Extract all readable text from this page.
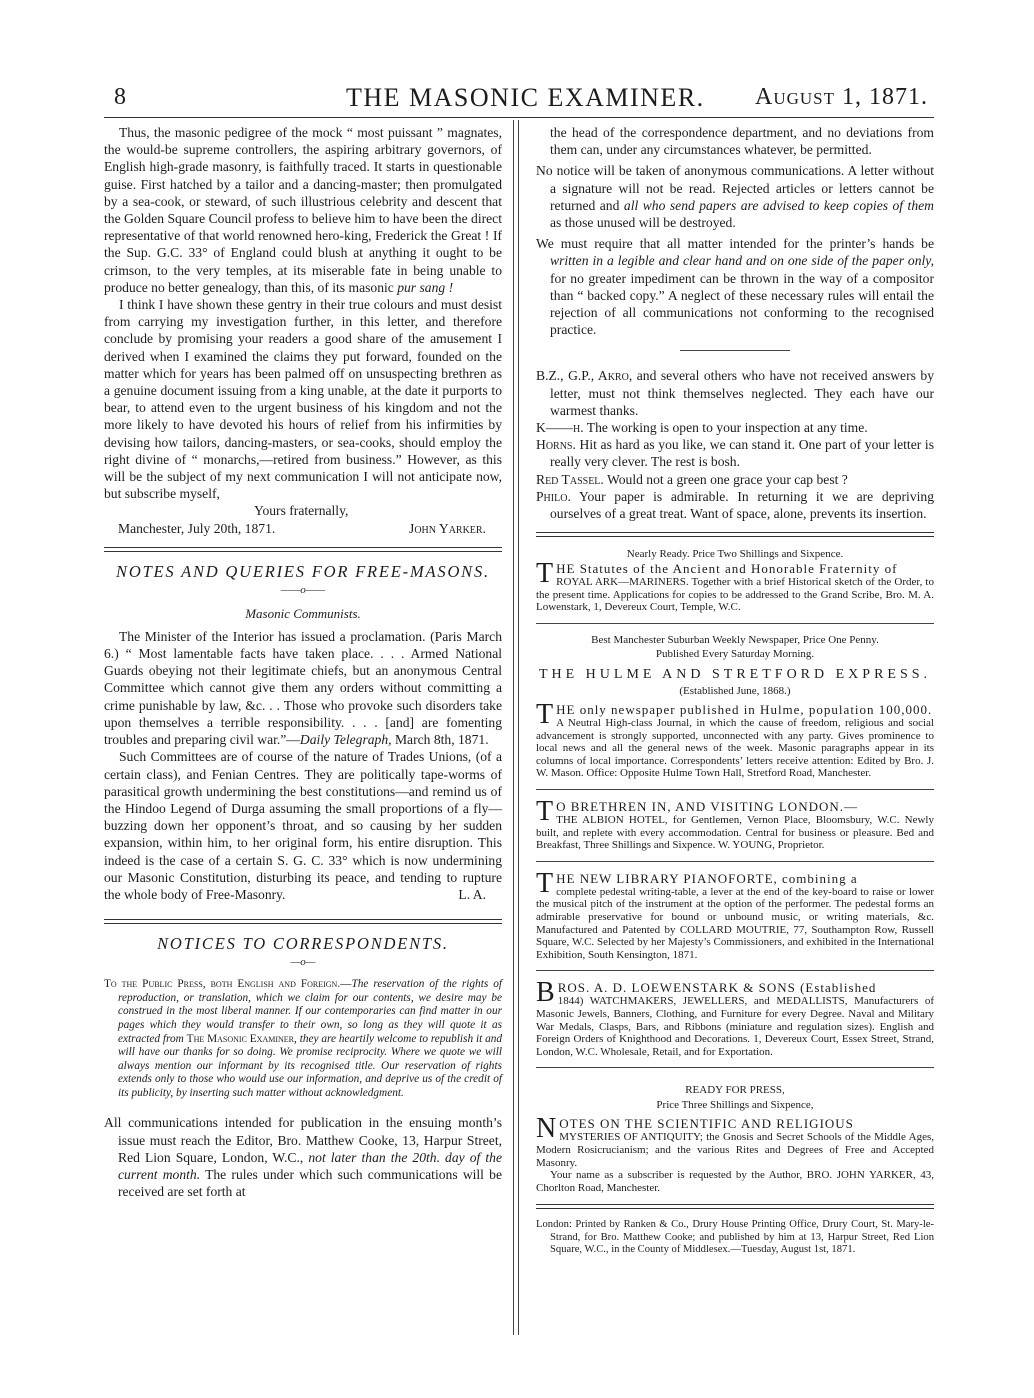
8	THE MASONIC EXAMINER. August 1, 1871.

Thus, the masonic pedigree of the mock “ most puissant ” magnates, the would-be supreme controllers, the aspiring arbitrary governors, of English high-grade masonry, is faithfully traced. It starts in questionable guise. First hatched by a tailor and a dancing-master; then promulgated by a sea-cook, or steward, of such illustrious celebrity and descent that the Golden Square Council profess to believe him to have been the direct representative of that world renowned hero-king, Frederick the Great ! If the Sup. G.C. 33° of England could blush at anything it ought to be crimson, to the very temples, at its miserable fate in being unable to produce no better genealogy, than this, of its masonic pur sang !

I think I have shown these gentry in their true colours and must desist from carrying my investigation further, in this letter, and therefore conclude by promising your readers a good share of the amusement I derived when I examined the claims they put forward, founded on the matter which for years has been palmed off on unsuspecting brethren as a genuine document issuing from a king unable, at the date it purports to bear, to attend even to the urgent business of his kingdom and not the more likely to have devoted his hours of relief from his infirmities by devising how tailors, dancing-masters, or sea-cooks, should employ the right divine of “ monarchs,—retired from business.” However, as this will be the subject of my next communication I will not anticipate now, but subscribe myself,

Yours fraternally,

Manchester, July 20th, 1871.	John Yarker.

NOTES AND QUERIES FOR FREE-MASONS.
——o——
Masonic Communists.

The Minister of the Interior has issued a proclamation. (Paris March 6.) “ Most lamentable facts have taken place. . . . Armed National Guards obeying not their legitimate chiefs, but an anonymous Central Committee which cannot give them any orders without committing a crime punishable by law, &c. . . Those who provoke such disorders take upon themselves a terrible responsibility. . . . [and] are fomenting troubles and preparing civil war.”—Daily Telegraph, March 8th, 1871.

Such Committees are of course of the nature of Trades Unions, (of a certain class), and Fenian Centres. They are politically tape-worms of parasitical growth undermining the best constitutions—and remind us of the Hindoo Legend of Durga assuming the small proportions of a fly—buzzing down her opponent’s throat, and so causing by her sudden expansion, within him, to her original form, his entire disruption. This indeed is the case of a certain S. G. C. 33° which is now undermining our Masonic Constitution, disturbing its peace, and tending to rupture the whole body of Free-Masonry.	L. A.

NOTICES TO CORRESPONDENTS.
—o—

To the Public Press, both English and Foreign.—The reservation of the rights of reproduction, or translation, which we claim for our contents, we desire may be construed in the most liberal manner. If our contemporaries can find matter in our pages which they would transfer to their own, so long as they will quote it as extracted from The Masonic Examiner, they are heartily welcome to republish it and will have our thanks for so doing. We promise reciprocity. Where we quote we will always mention our informant by its recognised title. Our reservation of rights extends only to those who would use our information, and deprive us of the credit of its publicity, by inserting such matter without acknowledgment.

All communications intended for publication in the ensuing month’s issue must reach the Editor, Bro. Matthew Cooke, 13, Harpur Street, Red Lion Square, London, W.C., not later than the 20th. day of the current month. The rules under which such communications will be received are set forth at

the head of the correspondence department, and no deviations from them can, under any circumstances whatever, be permitted.

No notice will be taken of anonymous communications. A letter without a signature will not be read. Rejected articles or letters cannot be returned and all who send papers are advised to keep copies of them as those unused will be destroyed.

We must require that all matter intended for the printer’s hands be written in a legible and clear hand and on one side of the paper only, for no greater impediment can be thrown in the way of a compositor than “ backed copy.” A neglect of these necessary rules will entail the rejection of all communications not conforming to the recognised practice.

B.Z., G.P., Akro, and several others who have not received answers by letter, must not think themselves neglected. They each have our warmest thanks.

K——h. The working is open to your inspection at any time.

Horns. Hit as hard as you like, we can stand it. One part of your letter is really very clever. The rest is bosh.

Red Tassel. Would not a green one grace your cap best ?

Philo. Your paper is admirable. In returning it we are depriving ourselves of a great treat. Want of space, alone, prevents its insertion.

Nearly Ready. Price Two Shillings and Sixpence.
T HE Statutes of the Ancient and Honorable Fraternity of

ROYAL ARK—MARINERS. Together with a brief Historical sketch of the Order, to the present time. Applications for copies to be addressed to the Grand Scribe, Bro. M. A. Lowenstark, 1, Devereux Court, Temple, W.C.

Best Manchester Suburban Weekly Newspaper, Price One Penny. Published Every Saturday Morning.
THE HULME AND STRETFORD EXPRESS.
(Established June, 1868.)
T HE only newspaper published in Hulme, population 100,000.

A Neutral High-class Journal, in which the cause of freedom, religious and social advancement is strongly supported, unconnected with any party. Gives prominence to local news and all the general news of the week. Masonic paragraphs appear in its columns of local importance. Correspondents’ letters receive attention: Edited by Bro. J. W. Mason. Office: Opposite Hulme Town Hall, Stretford Road, Manchester.

T O BRETHREN IN, AND VISITING LONDON.—

THE ALBION HOTEL, for Gentlemen, Vernon Place, Bloomsbury, W.C. Newly built, and replete with every accommodation. Central for business or pleasure. Bed and Breakfast, Three Shillings and Sixpence. W. YOUNG, Proprietor.

T HE NEW LIBRARY PIANOFORTE, combining a

complete pedestal writing-table, a lever at the end of the key-board to raise or lower the musical pitch of the instrument at the option of the performer. The pedestal forms an admirable preservative for bound or unbound music, or writing materials, &c. Manufactured and Patented by COLLARD MOUTRIE, 77, Southampton Row, Russell Square, W.C. Selected by her Majesty’s Commissioners, and exhibited in the International Exhibition, South Kensington, 1871.

B ROS. A. D. LOEWENSTARK & SONS (Established

1844) WATCHMAKERS, JEWELLERS, and MEDALLISTS, Manufacturers of Masonic Jewels, Banners, Clothing, and Furniture for every Degree. Naval and Military War Medals, Clasps, Bars, and Ribbons (miniature and regulation sizes). English and Foreign Orders of Knighthood and Decorations. 1, Devereux Court, Essex Street, Strand, London, W.C. Wholesale, Retail, and for Exportation.

READY FOR PRESS,
Price Three Shillings and Sixpence,
N OTES ON THE SCIENTIFIC AND RELIGIOUS

MYSTERIES OF ANTIQUITY; the Gnosis and Secret Schools of the Middle Ages, Modern Rosicrucianism; and the various Rites and Degrees of Free and Accepted Masonry.

Your name as a subscriber is requested by the Author, BRO. JOHN YARKER, 43, Chorlton Road, Manchester.

London: Printed by Ranken & Co., Drury House Printing Office, Drury Court, St. Mary-le-Strand, for Bro. Matthew Cooke; and published by him at 13, Harpur Street, Red Lion Square, W.C., in the County of Middlesex.—Tuesday, August 1st, 1871.
